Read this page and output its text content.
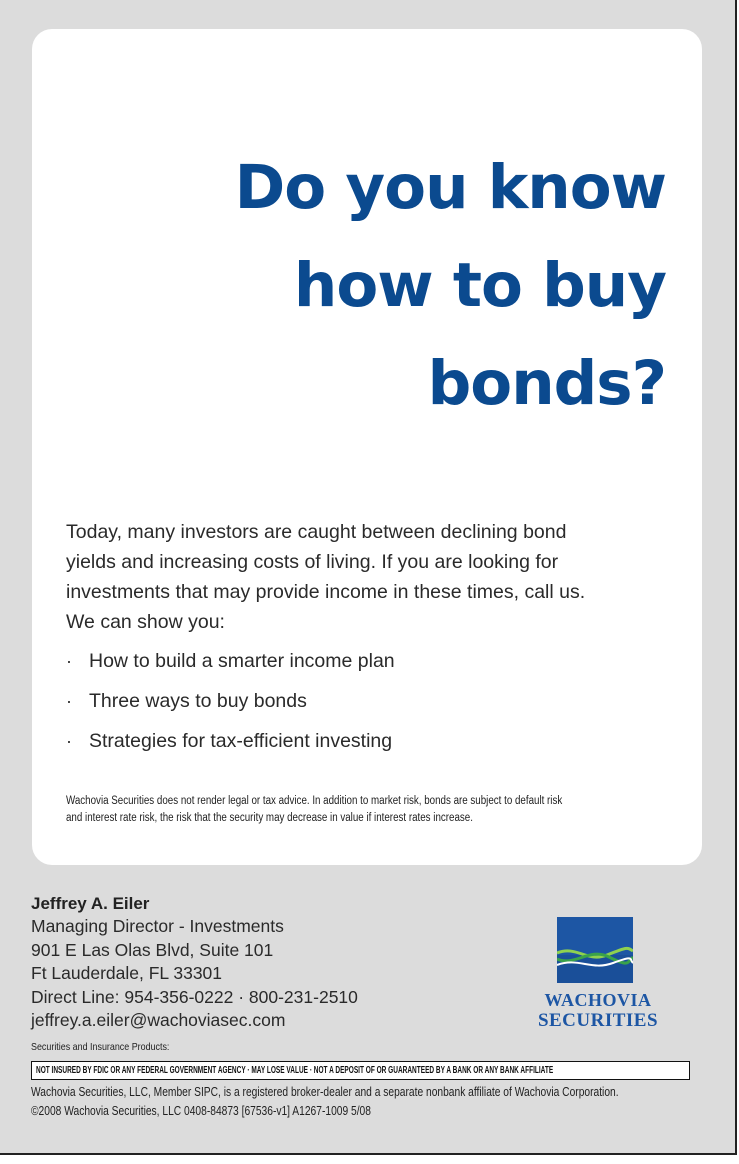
Do you know
how to buy
bonds?

Today, many investors are caught between declining bond
yields and increasing costs of living. If you are looking for
investments that may provide income in these times, call us.
We can show you:

· How to build a smarter income plan
· Three ways to buy bonds
· Strategies for tax-efficient investing

Wachovia Securities does not render legal or tax advice. In addition to market risk, bonds are subject to default risk
and interest rate risk, the risk that the security may decrease in value if interest rates increase.

Jeffrey A. Eiler
Managing Director - Investments
901 E Las Olas Blvd, Suite 101
Ft Lauderdale, FL 33301
Direct Line: 954-356-0222 · 800-231-2510
jeffrey.a.eiler@wachoviasec.com
WACHOVIA
SECURITIES
Securities and Insurance Products:
NOT INSURED BY FDIC OR ANY FEDERAL GOVERNMENT AGENCY · MAY LOSE VALUE · NOT A DEPOSIT OF OR GUARANTEED BY A BANK OR ANY BANK AFFILIATE
Wachovia Securities, LLC, Member SIPC, is a registered broker-dealer and a separate nonbank affiliate of Wachovia Corporation.
©2008 Wachovia Securities, LLC 0408-84873 [67536-v1] A1267-1009 5/08
